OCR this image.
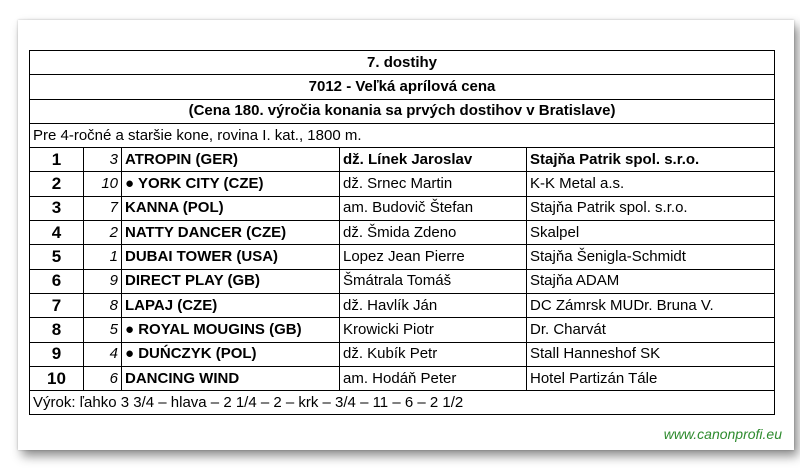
7. dostihy				
7012 - Veľká aprílová cena				
(Cena 180. výročia konania sa prvých dostihov v Bratislave)				
Pre 4-ročné a staršie kone, rovina I. kat., 1800 m.				
1	3	ATROPIN (GER)	dž. Línek Jaroslav	Stajňa Patrik spol. s.r.o.
2	10	● YORK CITY (CZE)	dž. Srnec Martin	K-K Metal a.s.
3	7	KANNA (POL)	am. Budovič Štefan	Stajňa Patrik spol. s.r.o.
4	2	NATTY DANCER (CZE)	dž. Šmida Zdeno	Skalpel
5	1	DUBAI TOWER (USA)	Lopez Jean Pierre	Stajňa Šenigla-Schmidt
6	9	DIRECT PLAY (GB)	Šmátrala Tomáš	Stajňa ADAM
7	8	LAPAJ (CZE)	dž. Havlík Ján	DC Zámrsk MUDr. Bruna V.
8	5	● ROYAL MOUGINS (GB)	Krowicki Piotr	Dr. Charvát
9	4	● DUŃCZYK (POL)	dž. Kubík Petr	Stall Hanneshof SK
10	6	DANCING WIND	am. Hodáň Peter	Hotel Partizán Tále
Výrok: ľahko 3 3/4 – hlava – 2 1/4 – 2 – krk – 3/4 – 11 – 6 – 2 1/2				
www.canonprofi.eu
